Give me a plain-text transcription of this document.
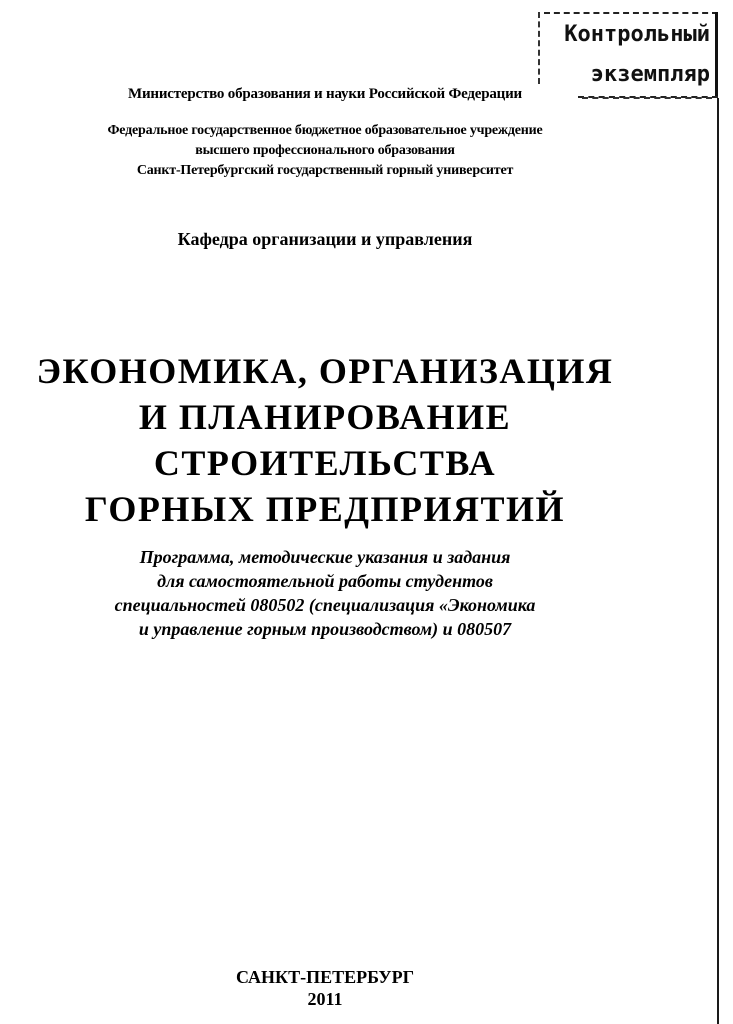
Контрольный
экземпляр
Министерство образования и науки Российской Федерации
Федеральное государственное бюджетное образовательное учреждение
высшего профессионального образования
Санкт-Петербургский государственный горный университет
Кафедра организации и управления
ЭКОНОМИКА, ОРГАНИЗАЦИЯ
И ПЛАНИРОВАНИЕ
СТРОИТЕЛЬСТВА
ГОРНЫХ ПРЕДПРИЯТИЙ
Программа, методические указания и задания
для самостоятельной работы студентов
специальностей 080502 (специализация «Экономика
и управление горным производством) и 080507
САНКТ-ПЕТЕРБУРГ
2011
